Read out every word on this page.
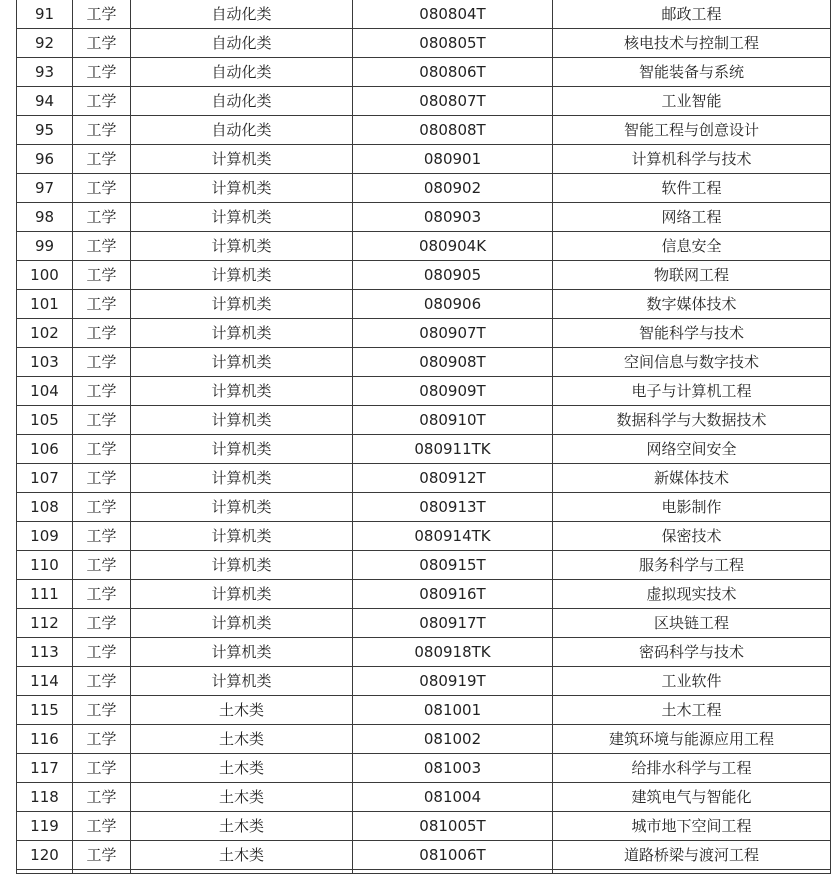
91	工学	自动化类	080804T	邮政工程
92	工学	自动化类	080805T	核电技术与控制工程
93	工学	自动化类	080806T	智能装备与系统
94	工学	自动化类	080807T	工业智能
95	工学	自动化类	080808T	智能工程与创意设计
96	工学	计算机类	080901	计算机科学与技术
97	工学	计算机类	080902	软件工程
98	工学	计算机类	080903	网络工程
99	工学	计算机类	080904K	信息安全
100	工学	计算机类	080905	物联网工程
101	工学	计算机类	080906	数字媒体技术
102	工学	计算机类	080907T	智能科学与技术
103	工学	计算机类	080908T	空间信息与数字技术
104	工学	计算机类	080909T	电子与计算机工程
105	工学	计算机类	080910T	数据科学与大数据技术
106	工学	计算机类	080911TK	网络空间安全
107	工学	计算机类	080912T	新媒体技术
108	工学	计算机类	080913T	电影制作
109	工学	计算机类	080914TK	保密技术
110	工学	计算机类	080915T	服务科学与工程
111	工学	计算机类	080916T	虚拟现实技术
112	工学	计算机类	080917T	区块链工程
113	工学	计算机类	080918TK	密码科学与技术
114	工学	计算机类	080919T	工业软件
115	工学	土木类	081001	土木工程
116	工学	土木类	081002	建筑环境与能源应用工程
117	工学	土木类	081003	给排水科学与工程
118	工学	土木类	081004	建筑电气与智能化
119	工学	土木类	081005T	城市地下空间工程
120	工学	土木类	081006T	道路桥梁与渡河工程
